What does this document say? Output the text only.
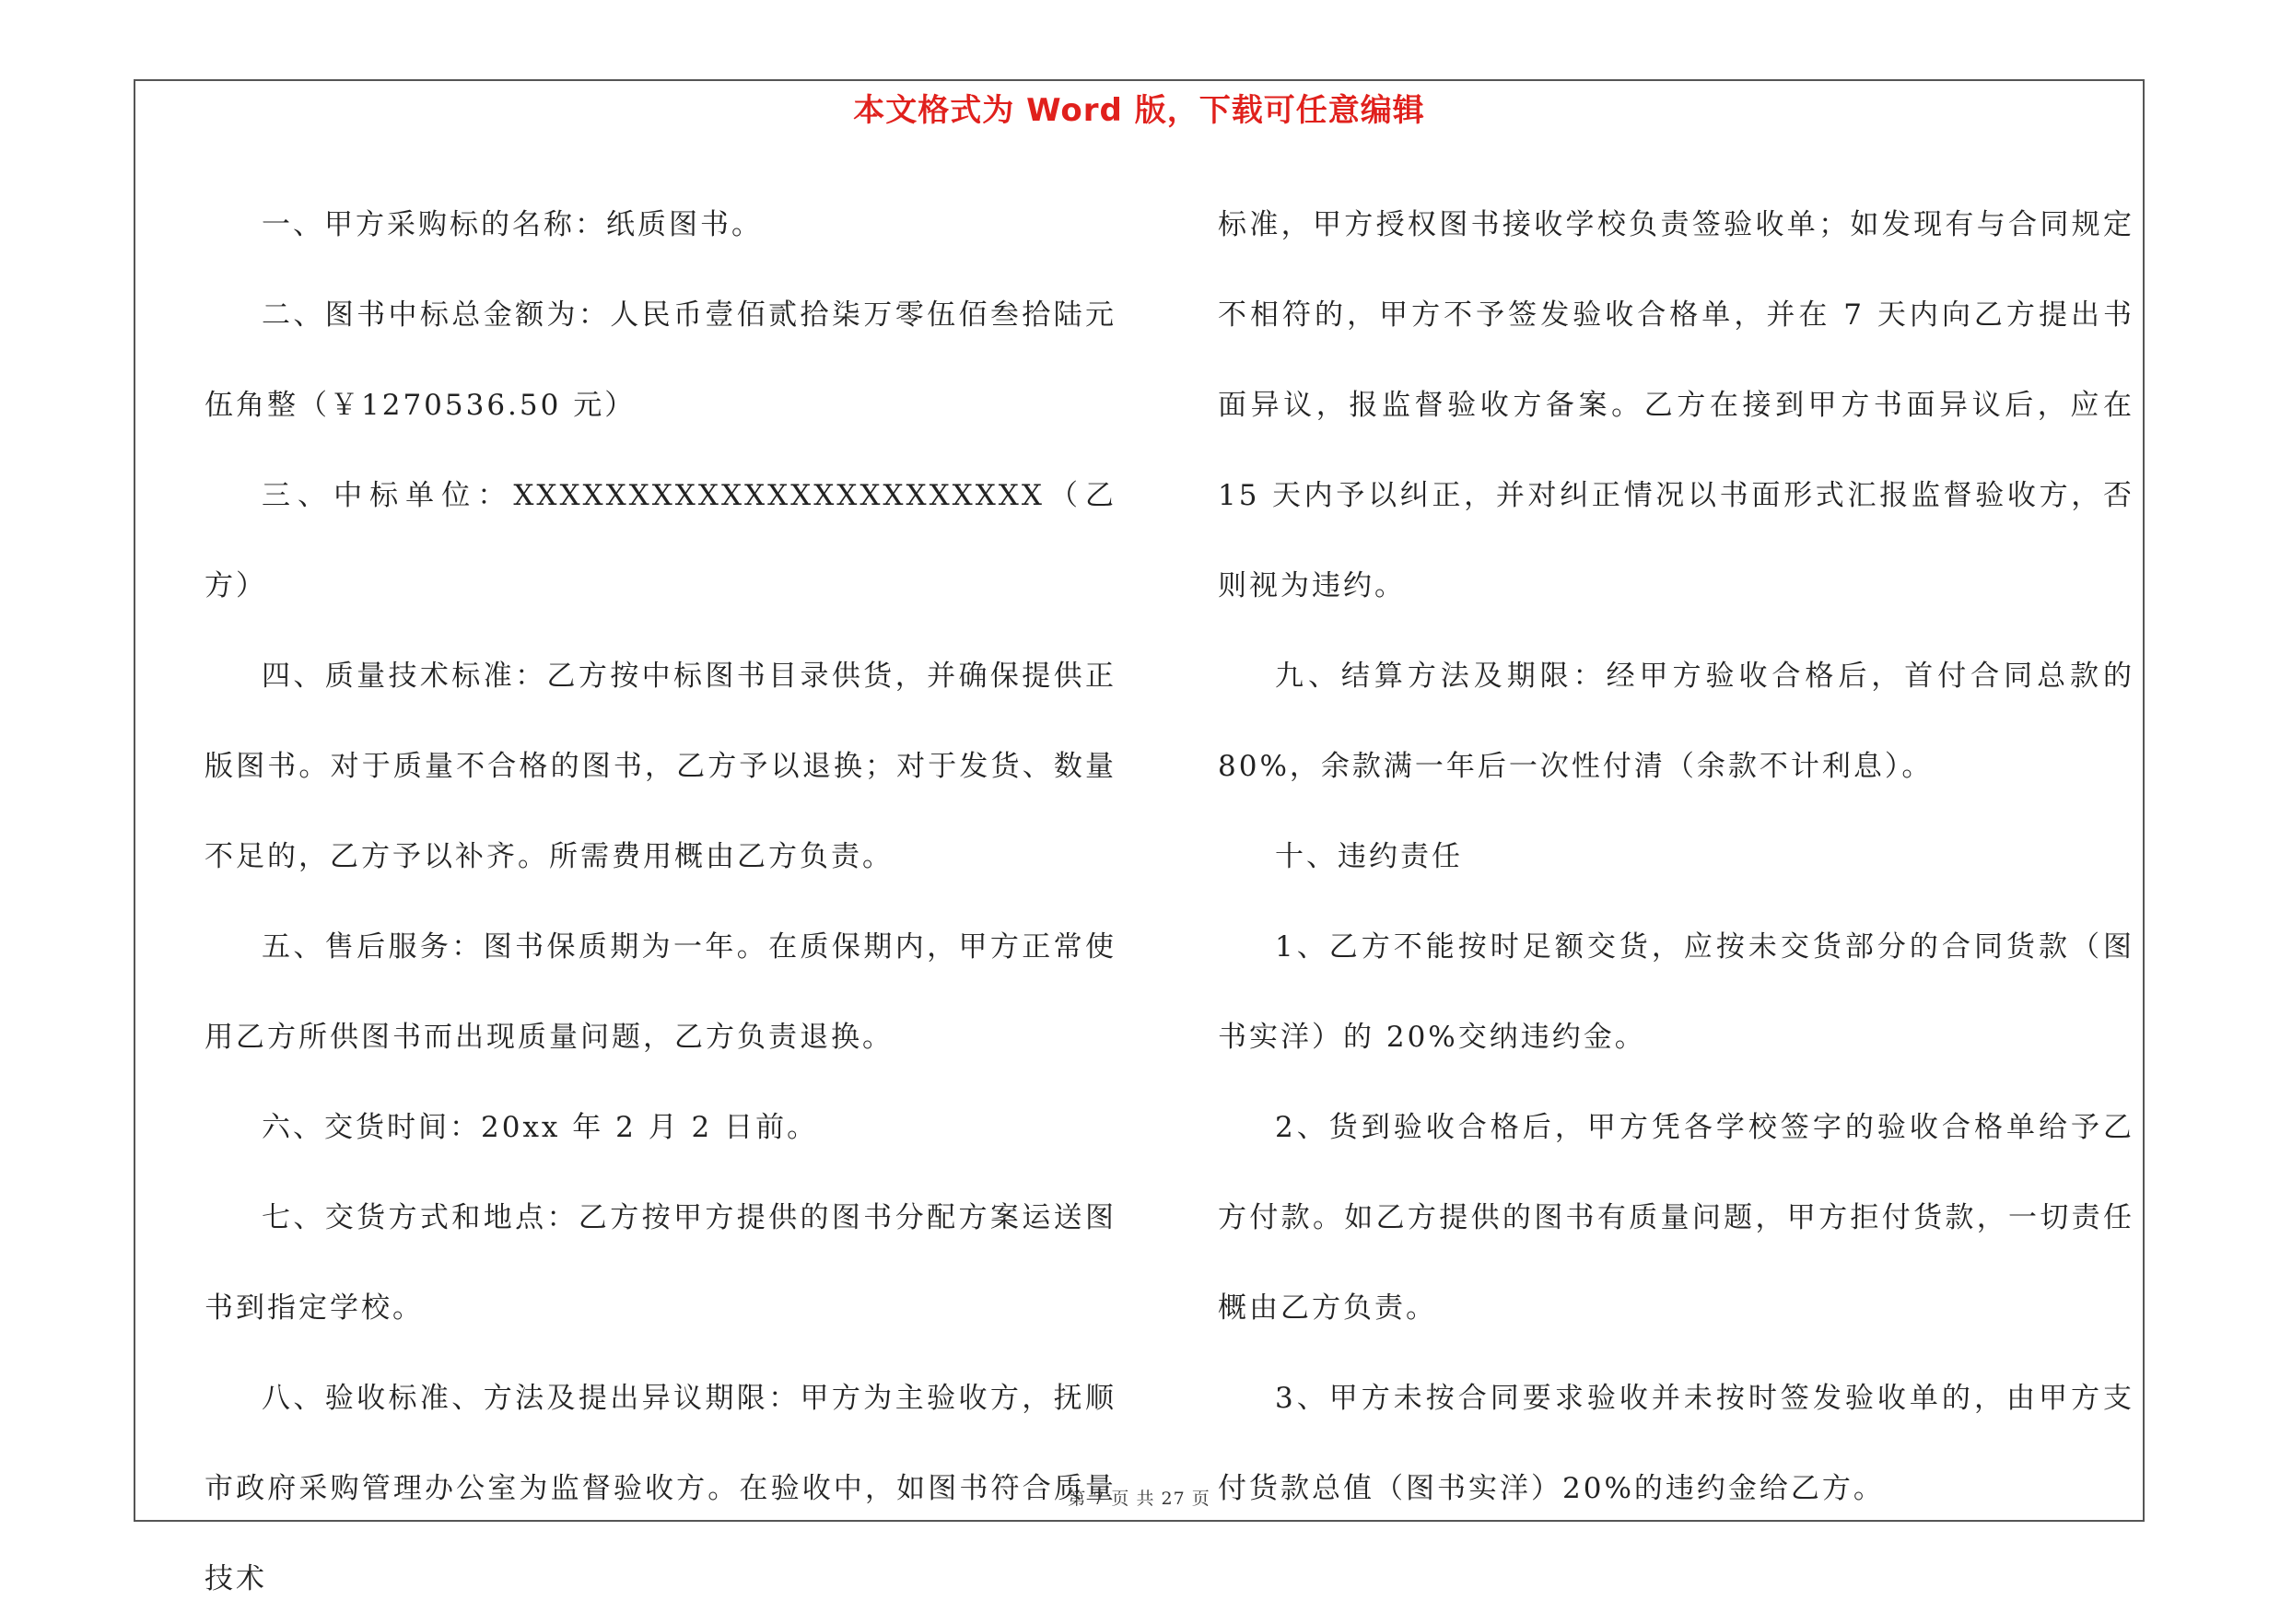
本文格式为 Word 版，下载可任意编辑

一、甲方采购标的名称：纸质图书。

二、图书中标总金额为：人民币壹佰贰拾柒万零伍佰叁拾陆元伍角整（￥1270536.50 元）

三、中标单位：XXXXXXXXXXXXXXXXXXXXXXX（乙方）

四、质量技术标准：乙方按中标图书目录供货，并确保提供正版图书。对于质量不合格的图书，乙方予以退换；对于发货、数量不足的，乙方予以补齐。所需费用概由乙方负责。

五、售后服务：图书保质期为一年。在质保期内，甲方正常使用乙方所供图书而出现质量问题，乙方负责退换。

六、交货时间：20xx 年 2 月 2 日前。

七、交货方式和地点：乙方按甲方提供的图书分配方案运送图书到指定学校。

八、验收标准、方法及提出异议期限：甲方为主验收方，抚顺市政府采购管理办公室为监督验收方。在验收中，如图书符合质量技术

标准，甲方授权图书接收学校负责签验收单；如发现有与合同规定不相符的，甲方不予签发验收合格单，并在 7 天内向乙方提出书面异议，报监督验收方备案。乙方在接到甲方书面异议后，应在 15 天内予以纠正，并对纠正情况以书面形式汇报监督验收方，否则视为违约。

九、结算方法及期限：经甲方验收合格后，首付合同总款的 80%，余款满一年后一次性付清（余款不计利息）。

十、违约责任

1、乙方不能按时足额交货，应按未交货部分的合同货款（图书实洋）的 20%交纳违约金。

2、货到验收合格后，甲方凭各学校签字的验收合格单给予乙方付款。如乙方提供的图书有质量问题，甲方拒付货款，一切责任概由乙方负责。

3、甲方未按合同要求验收并未按时签发验收单的，由甲方支付货款总值（图书实洋）20%的违约金给乙方。

第 7 页 共 27 页
